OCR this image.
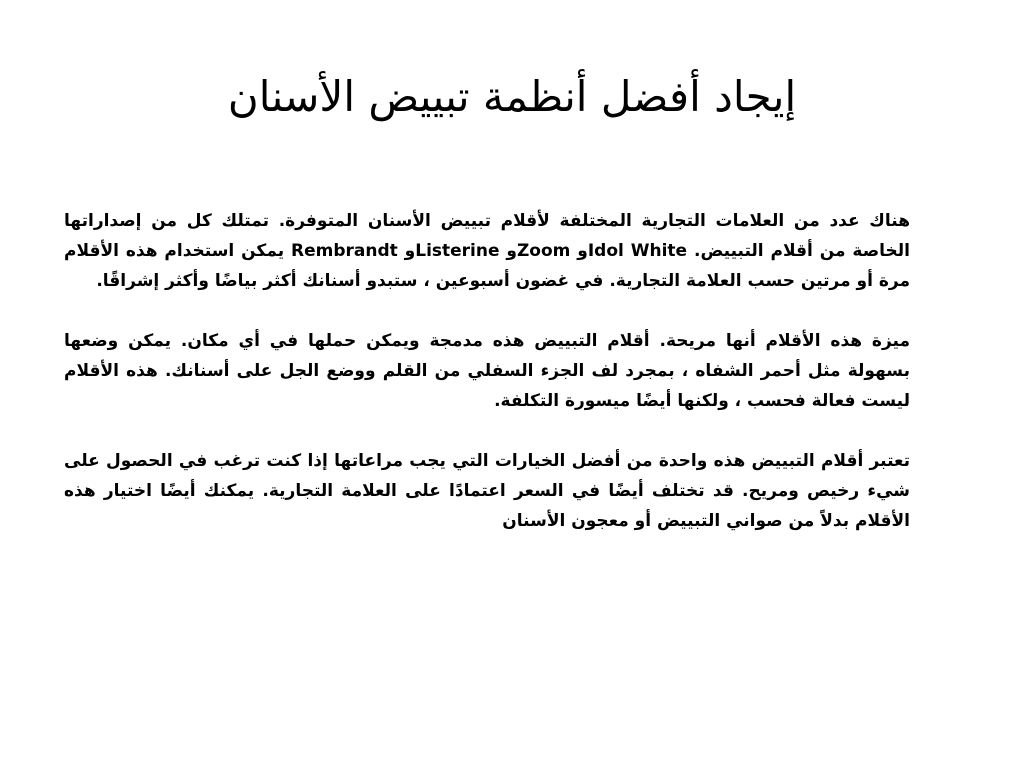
إيجاد أفضل أنظمة تبييض الأسنان

هناك عدد من العلامات التجارية المختلفة لأقلام تبييض الأسنان المتوفرة. تمتلك كل من إصداراتها الخاصة من أقلام التبييض. Idol Whiteو Zoomو Listerineو Rembrandt يمكن استخدام هذه الأقلام مرة أو مرتين حسب العلامة التجارية. في غضون أسبوعين ، ستبدو أسنانك أكثر بياضًا وأكثر إشراقًا.

ميزة هذه الأقلام أنها مريحة. أقلام التبييض هذه مدمجة ويمكن حملها في أي مكان. يمكن وضعها بسهولة مثل أحمر الشفاه ، بمجرد لف الجزء السفلي من القلم ووضع الجل على أسنانك. هذه الأقلام ليست فعالة فحسب ، ولكنها أيضًا ميسورة التكلفة.

تعتبر أقلام التبييض هذه واحدة من أفضل الخيارات التي يجب مراعاتها إذا كنت ترغب في الحصول على شيء رخيص ومريح. قد تختلف أيضًا في السعر اعتمادًا على العلامة التجارية. يمكنك أيضًا اختيار هذه الأقلام بدلاً من صواني التبييض أو معجون الأسنان
